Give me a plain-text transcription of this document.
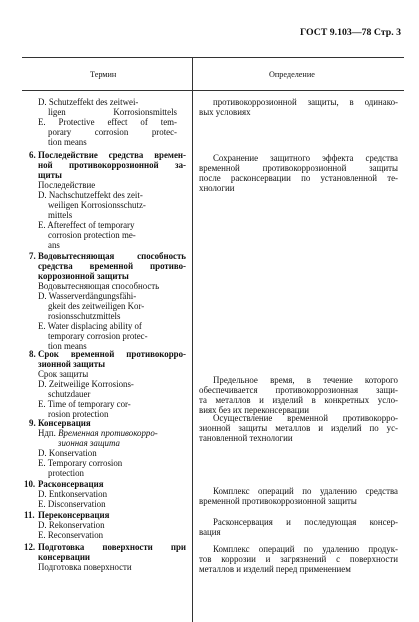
ГОСТ 9.103—78 Стр. 3
Термин	Определение
D. Schutzeffekt des zeitwei-
ligen Korrosionsmittels
E. Protective effect of tem-
porary corrosion protec-
tion means
6. Последействие средства времен-
ной противокоррозионной за-
щиты
Последействие
D. Nachschutzeffekt des zeit-
weiligen Korrosionsschutz-
mittels
E. Aftereffect of temporary
corrosion protection me-
ans
7. Водовытесняющая способность
средства временной противо-
коррозионной защиты
Водовытесняющая способность
D. Wasserverdängungsfähi-
gkeit des zeitweiligen Kor-
rosionsschutzmittels
E. Water displacing ability of
temporary corrosion protec-
tion means
8. Срок временной противокорро-
зионной защиты
Срок защиты
D. Zeitweilige Korrosions-
schutzdauer
E. Time of temporary cor-
rosion protection
9. Консервация
Ндп. Временная противокорро-
зионная защита
D. Konservation
E. Temporary corrosion
protection
10. Расконсервация
D. Entkonservation
E. Disconservation
11. Переконсервация
D. Rekonservation
E. Reconservation
12. Подготовка поверхности при
консервации
Подготовка поверхности
противокоррозионной защиты, в одинако-
вых условиях
Сохранение защитного эффекта средства
временной противокоррозионной защиты
после расконсервации по установленной те-
хнологии
Предельное время, в течение которого
обеспечивается противокоррозионная защи-
та металлов и изделий в конкретных усло-
виях без их переконсервации
Осуществление временной противокорро-
зионной защиты металлов и изделий по ус-
тановленной технологии
Комплекс операций по удалению средства
временной противокоррозионной защиты
Расконсервация и последующая консер-
вация
Комплекс операций по удалению продук-
тов коррозии и загрязнений с поверхности
металлов и изделий перед применением
